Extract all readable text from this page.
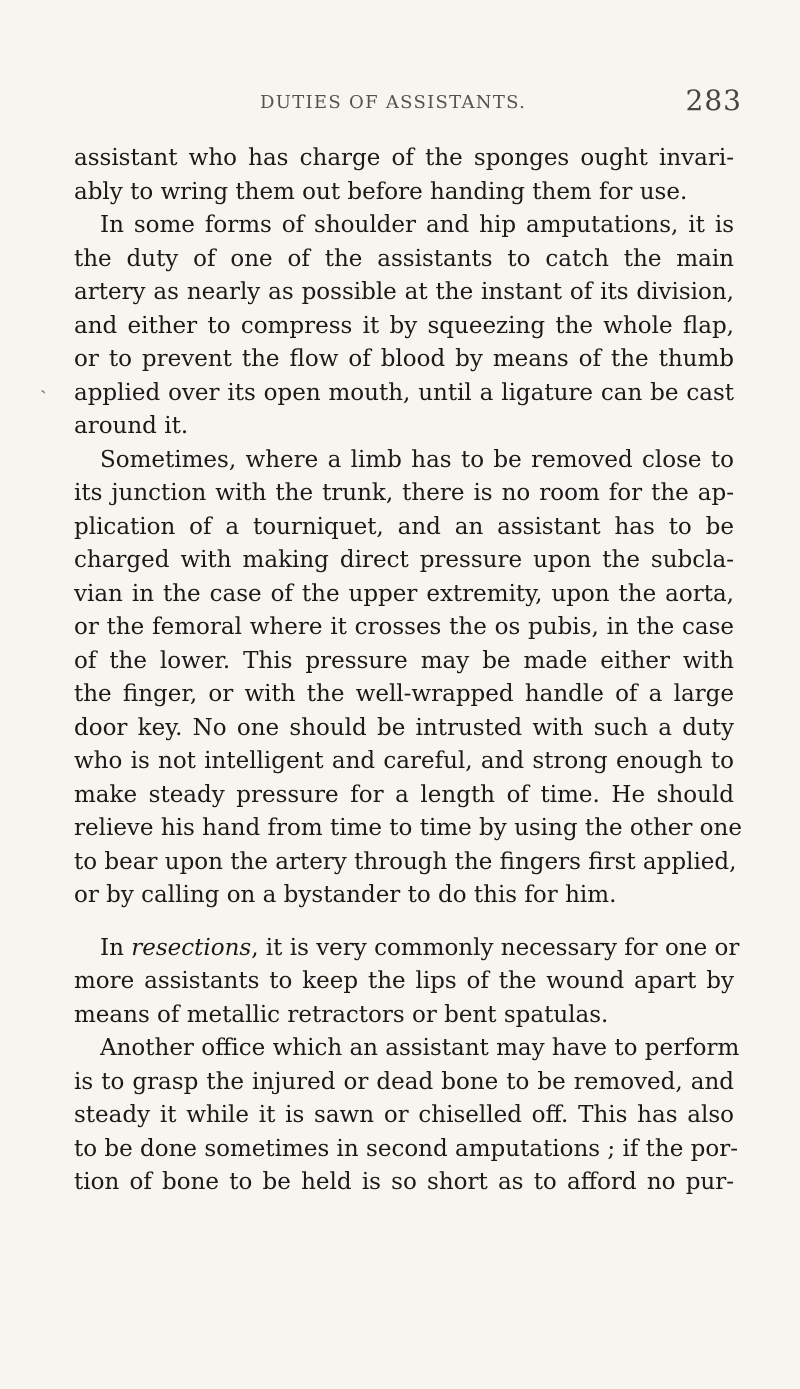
DUTIES OF ASSISTANTS.	283
ˎ
assistant who has charge of the sponges ought invari-
ably to wring them out before handing them for use.
In some forms of shoulder and hip amputations, it is
the duty of one of the assistants to catch the main
artery as nearly as possible at the instant of its division,
and either to compress it by squeezing the whole flap,
or to prevent the flow of blood by means of the thumb
applied over its open mouth, until a ligature can be cast
around it.
Sometimes, where a limb has to be removed close to
its junction with the trunk, there is no room for the ap-
plication of a tourniquet, and an assistant has to be
charged with making direct pressure upon the subcla-
vian in the case of the upper extremity, upon the aorta,
or the femoral where it crosses the os pubis, in the case
of the lower. This pressure may be made either with
the finger, or with the well-wrapped handle of a large
door key. No one should be intrusted with such a duty
who is not intelligent and careful, and strong enough to
make steady pressure for a length of time. He should
relieve his hand from time to time by using the other one
to bear upon the artery through the fingers first applied,
or by calling on a bystander to do this for him.
In resections, it is very commonly necessary for one or
more assistants to keep the lips of the wound apart by
means of metallic retractors or bent spatulas.
Another office which an assistant may have to perform
is to grasp the injured or dead bone to be removed, and
steady it while it is sawn or chiselled off. This has also
to be done sometimes in second amputations ; if the por-
tion of bone to be held is so short as to afford no pur-
